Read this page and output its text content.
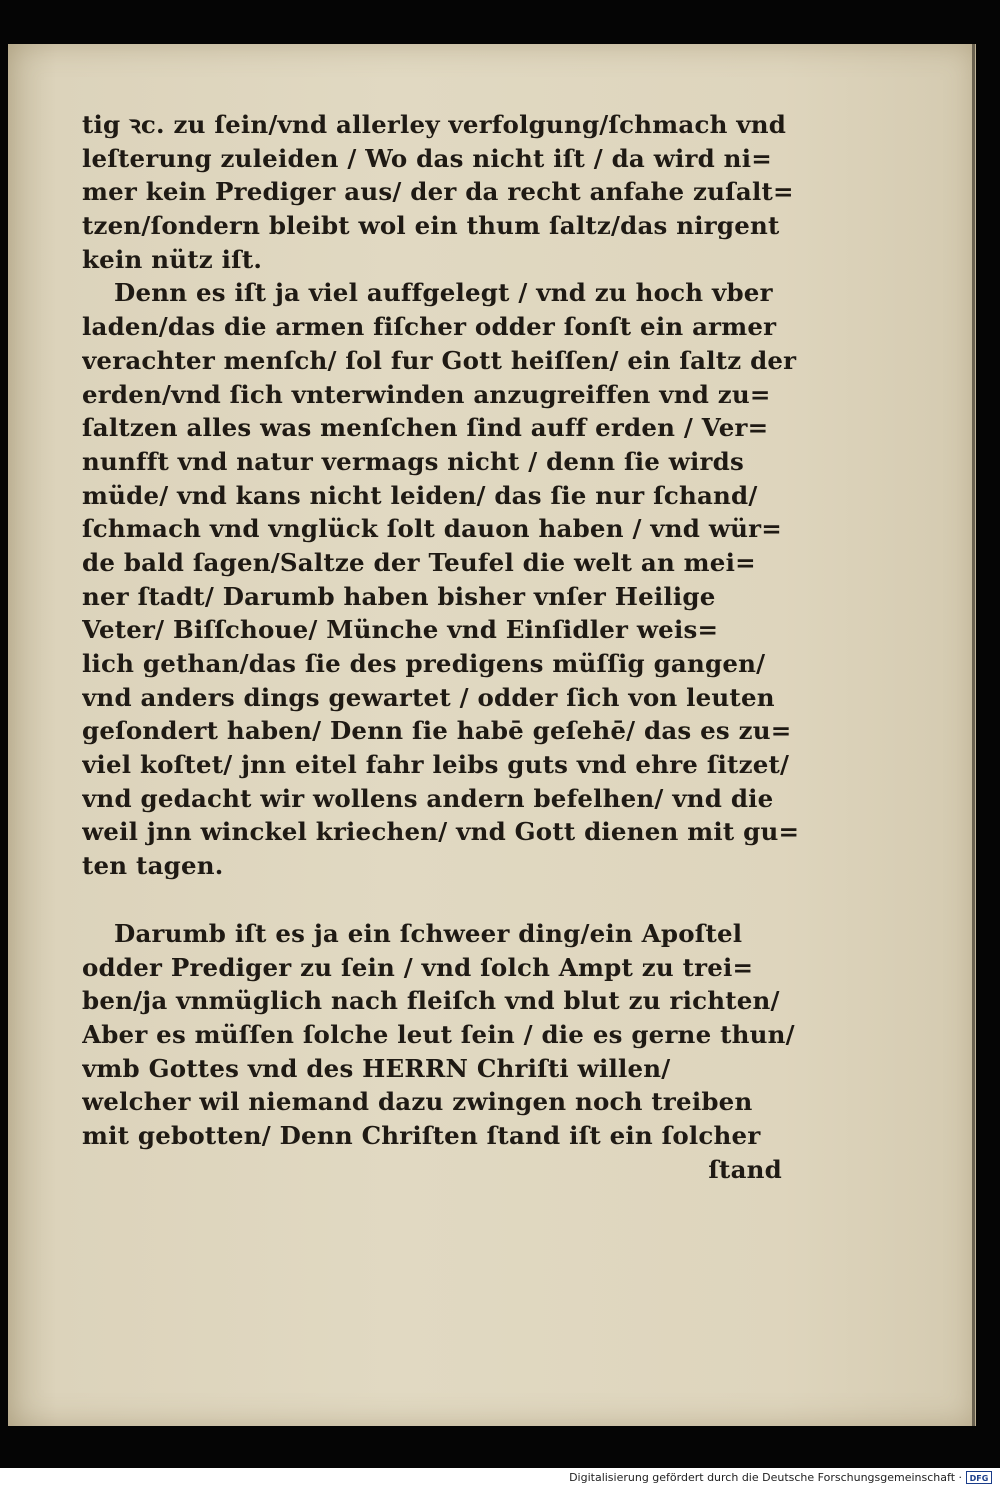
tig ꝛc. zu ſein/vnd allerley verfolgung/ſchmach vnd
leſterung zuleiden / Wo das nicht iſt / da wird ni=
mer kein Prediger aus/ der da recht anfahe zuſalt=
tzen/ſondern bleibt wol ein thum ſaltz/das nirgent
kein nütz iſt.
Denn es iſt ja viel auffgelegt / vnd zu hoch vber
laden/das die armen fiſcher odder ſonſt ein armer
verachter menſch/ ſol fur Gott heiſſen/ ein ſaltz der
erden/vnd ſich vnterwinden anzugreiffen vnd zu=
ſaltzen alles was menſchen ſind auff erden / Ver=
nunfft vnd natur vermags nicht / denn ſie wirds
müde/ vnd kans nicht leiden/ das ſie nur ſchand/
ſchmach vnd vnglück ſolt dauon haben / vnd wür=
de bald ſagen/Saltze der Teufel die welt an mei=
ner ſtadt/ Darumb haben bisher vnſer Heilige
Veter/ Biſſchoue/ Münche vnd Einſidler weis=
lich gethan/das ſie des predigens müſſig gangen/
vnd anders dings gewartet / odder ſich von leuten
geſondert haben/ Denn ſie habē geſehē/ das es zu=
viel koſtet/ jnn eitel fahr leibs guts vnd ehre ſitzet/
vnd gedacht wir wollens andern befelhen/ vnd die
weil jnn winckel kriechen/ vnd Gott dienen mit gu=
ten tagen.
Darumb iſt es ja ein ſchweer ding/ein Apoſtel
odder Prediger zu ſein / vnd ſolch Ampt zu trei=
ben/ja vnmüglich nach fleiſch vnd blut zu richten/
Aber es müſſen ſolche leut ſein / die es gerne thun/
vmb Gottes vnd des HERRN Chriſti willen/
welcher wil niemand dazu zwingen noch treiben
mit gebotten/ Denn Chriſten ſtand iſt ein ſolcher
ſtand
Digitalisierung gefördert durch die Deutsche Forschungsgemeinschaft · DFG
